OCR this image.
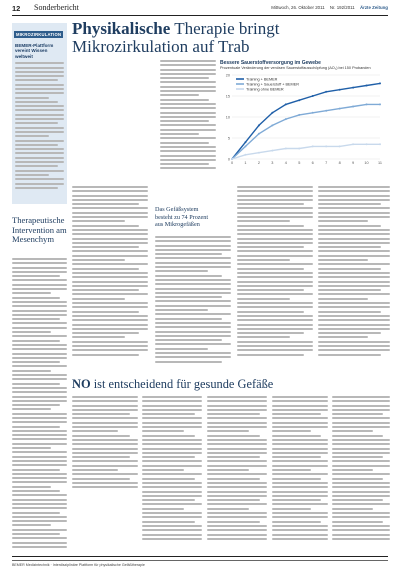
12 Sonderbericht	Mittwoch, 26. Oktober 2011 Nr. 192/2011 Ärzte Zeitung
MIKROZIRKULATION
BEMER-Plattform vereint Wissen weltweit
Therapeutische Intervention am Mesenchym
Physikalische Therapie bringt
Mikrozirkulation auf Trab
Bessere Sauerstoffversorgung im Gewebe
Prozentuale Veränderung der venösen Sauerstoffausschöpfung (ΔO₂) bei 150 Probanden
0
5
10
15
20
0	1	2	3	4	5	6	7	8	9	10 11
Training + BEMER
Training + Sauerstoff + BEMER
Training ohne BEMER
Das Gefäßsystem besteht zu 74 Prozent aus Mikrogefäßen
NO ist entscheidend für gesunde Gefäße
BEMER Medizintechnik · Interdisziplinäre Plattform für physikalische Gefäßtherapie
